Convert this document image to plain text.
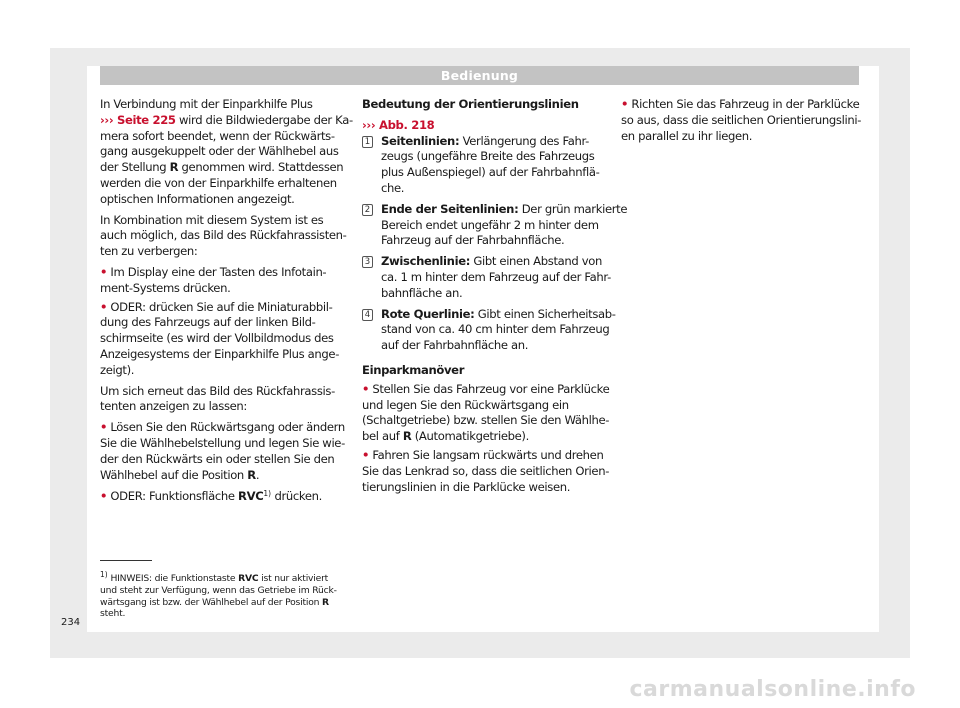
Bedienung
In Verbindung mit der Einparkhilfe Plus
››› Seite 225 wird die Bildwiedergabe der Ka-
mera sofort beendet, wenn der Rückwärts-
gang ausgekuppelt oder der Wählhebel aus
der Stellung R genommen wird. Stattdessen
werden die von der Einparkhilfe erhaltenen
optischen Informationen angezeigt.
In Kombination mit diesem System ist es
auch möglich, das Bild des Rückfahrassisten-
ten zu verbergen:
• Im Display eine der Tasten des Infotain-
ment-Systems drücken.
• ODER: drücken Sie auf die Miniaturabbil-
dung des Fahrzeugs auf der linken Bild-
schirmseite (es wird der Vollbildmodus des
Anzeigesystems der Einparkhilfe Plus ange-
zeigt).
Um sich erneut das Bild des Rückfahrassis-
tenten anzeigen zu lassen:
• Lösen Sie den Rückwärtsgang oder ändern
Sie die Wählhebelstellung und legen Sie wie-
der den Rückwärts ein oder stellen Sie den
Wählhebel auf die Position R.
• ODER: Funktionsfläche RVC$^{1)}$ drücken.
Bedeutung der Orientierungslinien
››› Abb. 218
1 Seitenlinien: Verlängerung des Fahr-
zeugs (ungefähre Breite des Fahrzeugs
plus Außenspiegel) auf der Fahrbahnflä-
che.
2 Ende der Seitenlinien: Der grün markierte
Bereich endet ungefähr 2 m hinter dem
Fahrzeug auf der Fahrbahnfläche.
3 Zwischenlinie: Gibt einen Abstand von
ca. 1 m hinter dem Fahrzeug auf der Fahr-
bahnfläche an.
4 Rote Querlinie: Gibt einen Sicherheitsab-
stand von ca. 40 cm hinter dem Fahrzeug
auf der Fahrbahnfläche an.
Einparkmanöver
• Stellen Sie das Fahrzeug vor eine Parklücke
und legen Sie den Rückwärtsgang ein
(Schaltgetriebe) bzw. stellen Sie den Wählhe-
bel auf R (Automatikgetriebe).
• Fahren Sie langsam rückwärts und drehen
Sie das Lenkrad so, dass die seitlichen Orien-
tierungslinien in die Parklücke weisen.
• Richten Sie das Fahrzeug in der Parklücke
so aus, dass die seitlichen Orientierungslini-
en parallel zu ihr liegen.
$^{1)}$ HINWEIS: die Funktionstaste RVC ist nur aktiviert
und steht zur Verfügung, wenn das Getriebe im Rück-
wärtsgang ist bzw. der Wählhebel auf der Position R
steht.
234
carmanualsonline.info
